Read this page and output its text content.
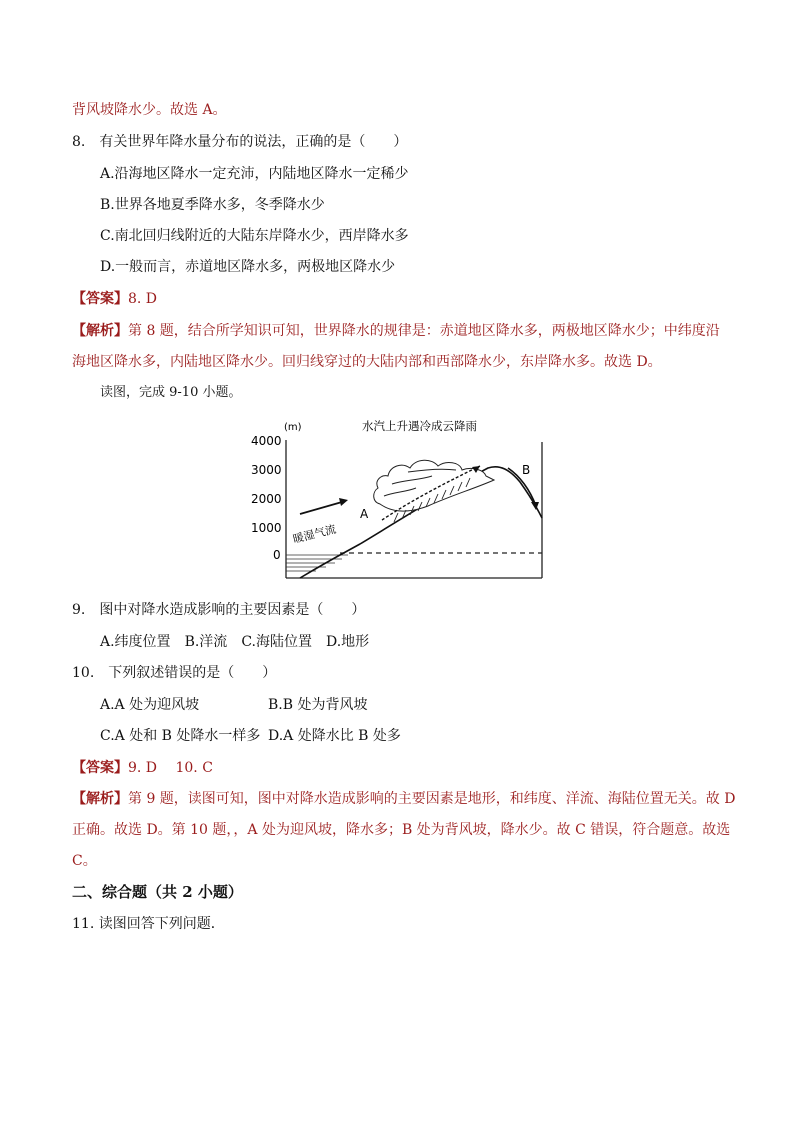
背风坡降水少。故选 A。
8.　有关世界年降水量分布的说法，正确的是（　　）
A.沿海地区降水一定充沛，内陆地区降水一定稀少
B.世界各地夏季降水多，冬季降水少
C.南北回归线附近的大陆东岸降水少，西岸降水多
D.一般而言，赤道地区降水多，两极地区降水少
【答案】8. D
【解析】第 8 题，结合所学知识可知，世界降水的规律是：赤道地区降水多，两极地区降水少；中纬度沿
海地区降水多，内陆地区降水少。回归线穿过的大陆内部和西部降水少，东岸降水多。故选 D。
读图，完成 9-10 小题。
(m)
4000
3000
2000
1000
0
水汽上升遇冷成云降雨
A
B
暖湿气流
9.　图中对降水造成影响的主要因素是（　　）
A.纬度位置　 B.洋流　 C.海陆位置　 D.地形
10.　下列叙述错误的是（　　）
A.A 处为迎风坡	B.B 处为背风坡
C.A 处和 B 处降水一样多 D.A 处降水比 B 处多
【答案】9. D　 10. C
【解析】第 9 题，读图可知，图中对降水造成影响的主要因素是地形，和纬度、洋流、海陆位置无关。故 D
正确。故选 D。第 10 题，，A 处为迎风坡，降水多；B 处为背风坡，降水少。故 C 错误，符合题意。故选
C。
二、综合题（共 2 小题）
11. 读图回答下列问题．
